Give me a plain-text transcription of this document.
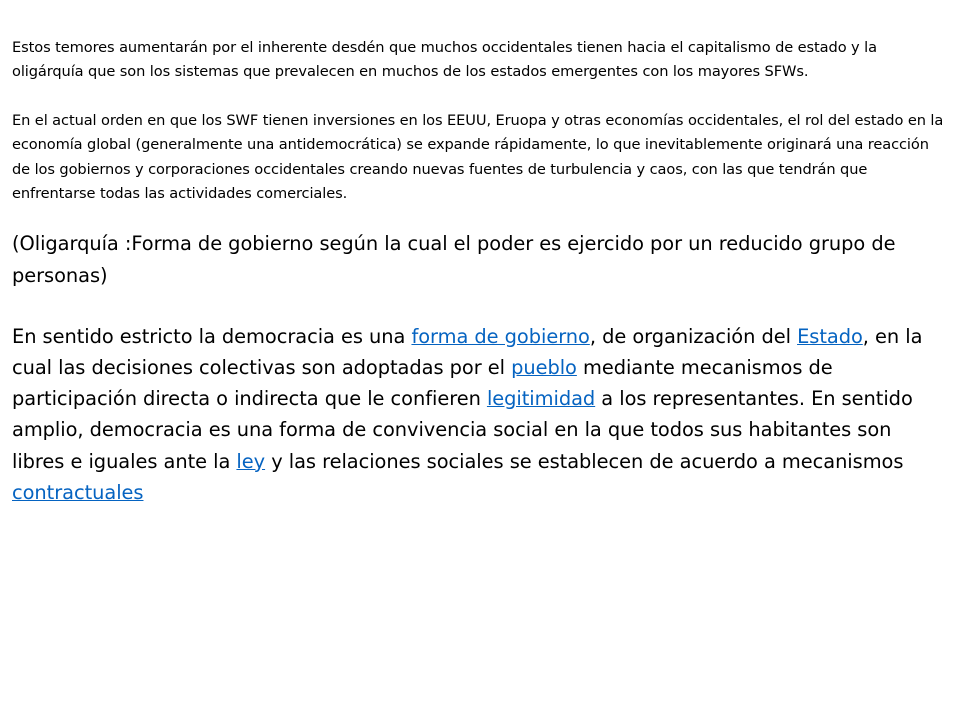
Estos temores aumentarán por el inherente desdén que muchos occidentales tienen hacia el capitalismo de estado y la oligárquía que son los sistemas que prevalecen en muchos de los estados emergentes con los mayores SFWs.

En el actual orden en que los SWF tienen inversiones en los EEUU, Eruopa y otras economías occidentales, el rol del estado en la economía global (generalmente una antidemocrática) se expande rápidamente, lo que inevitablemente originará una reacción de los gobiernos y corporaciones occidentales creando nuevas fuentes de turbulencia y caos, con las que tendrán que enfrentarse todas las actividades comerciales.

(Oligarquía :Forma de gobierno según la cual el poder es ejercido por un reducido grupo de personas)

En sentido estricto la democracia es una forma de gobierno, de organización del Estado, en la cual las decisiones colectivas son adoptadas por el pueblo mediante mecanismos de participación directa o indirecta que le confieren legitimidad a los representantes. En sentido amplio, democracia es una forma de convivencia social en la que todos sus habitantes son libres e iguales ante la ley y las relaciones sociales se establecen de acuerdo a mecanismos contractuales
